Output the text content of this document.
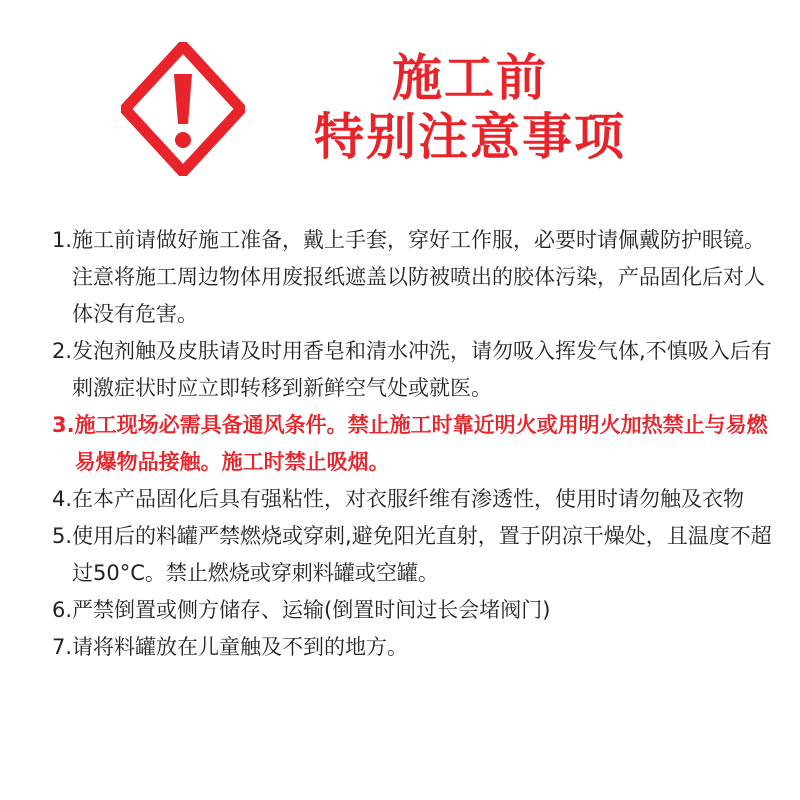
施工前
特别注意事项
1. 施工前请做好施工准备，戴上手套，穿好工作服，必要时请佩戴防护眼镜。注意将施工周边物体用废报纸遮盖以防被喷出的胶体污染，产品固化后对人体没有危害。
2. 发泡剂触及皮肤请及时用香皂和清水冲洗，请勿吸入挥发气体,不慎吸入后有刺激症状时应立即转移到新鲜空气处或就医。
3. 施工现场必需具备通风条件。禁止施工时靠近明火或用明火加热禁止与易燃易爆物品接触。施工时禁止吸烟。
4. 在本产品固化后具有强粘性，对衣服纤维有渗透性，使用时请勿触及衣物
5. 使用后的料罐严禁燃烧或穿刺,避免阳光直射，置于阴凉干燥处，且温度不超过50°C。禁止燃烧或穿刺料罐或空罐。
6. 严禁倒置或侧方储存、运输(倒置时间过长会堵阀门)
7. 请将料罐放在儿童触及不到的地方。
